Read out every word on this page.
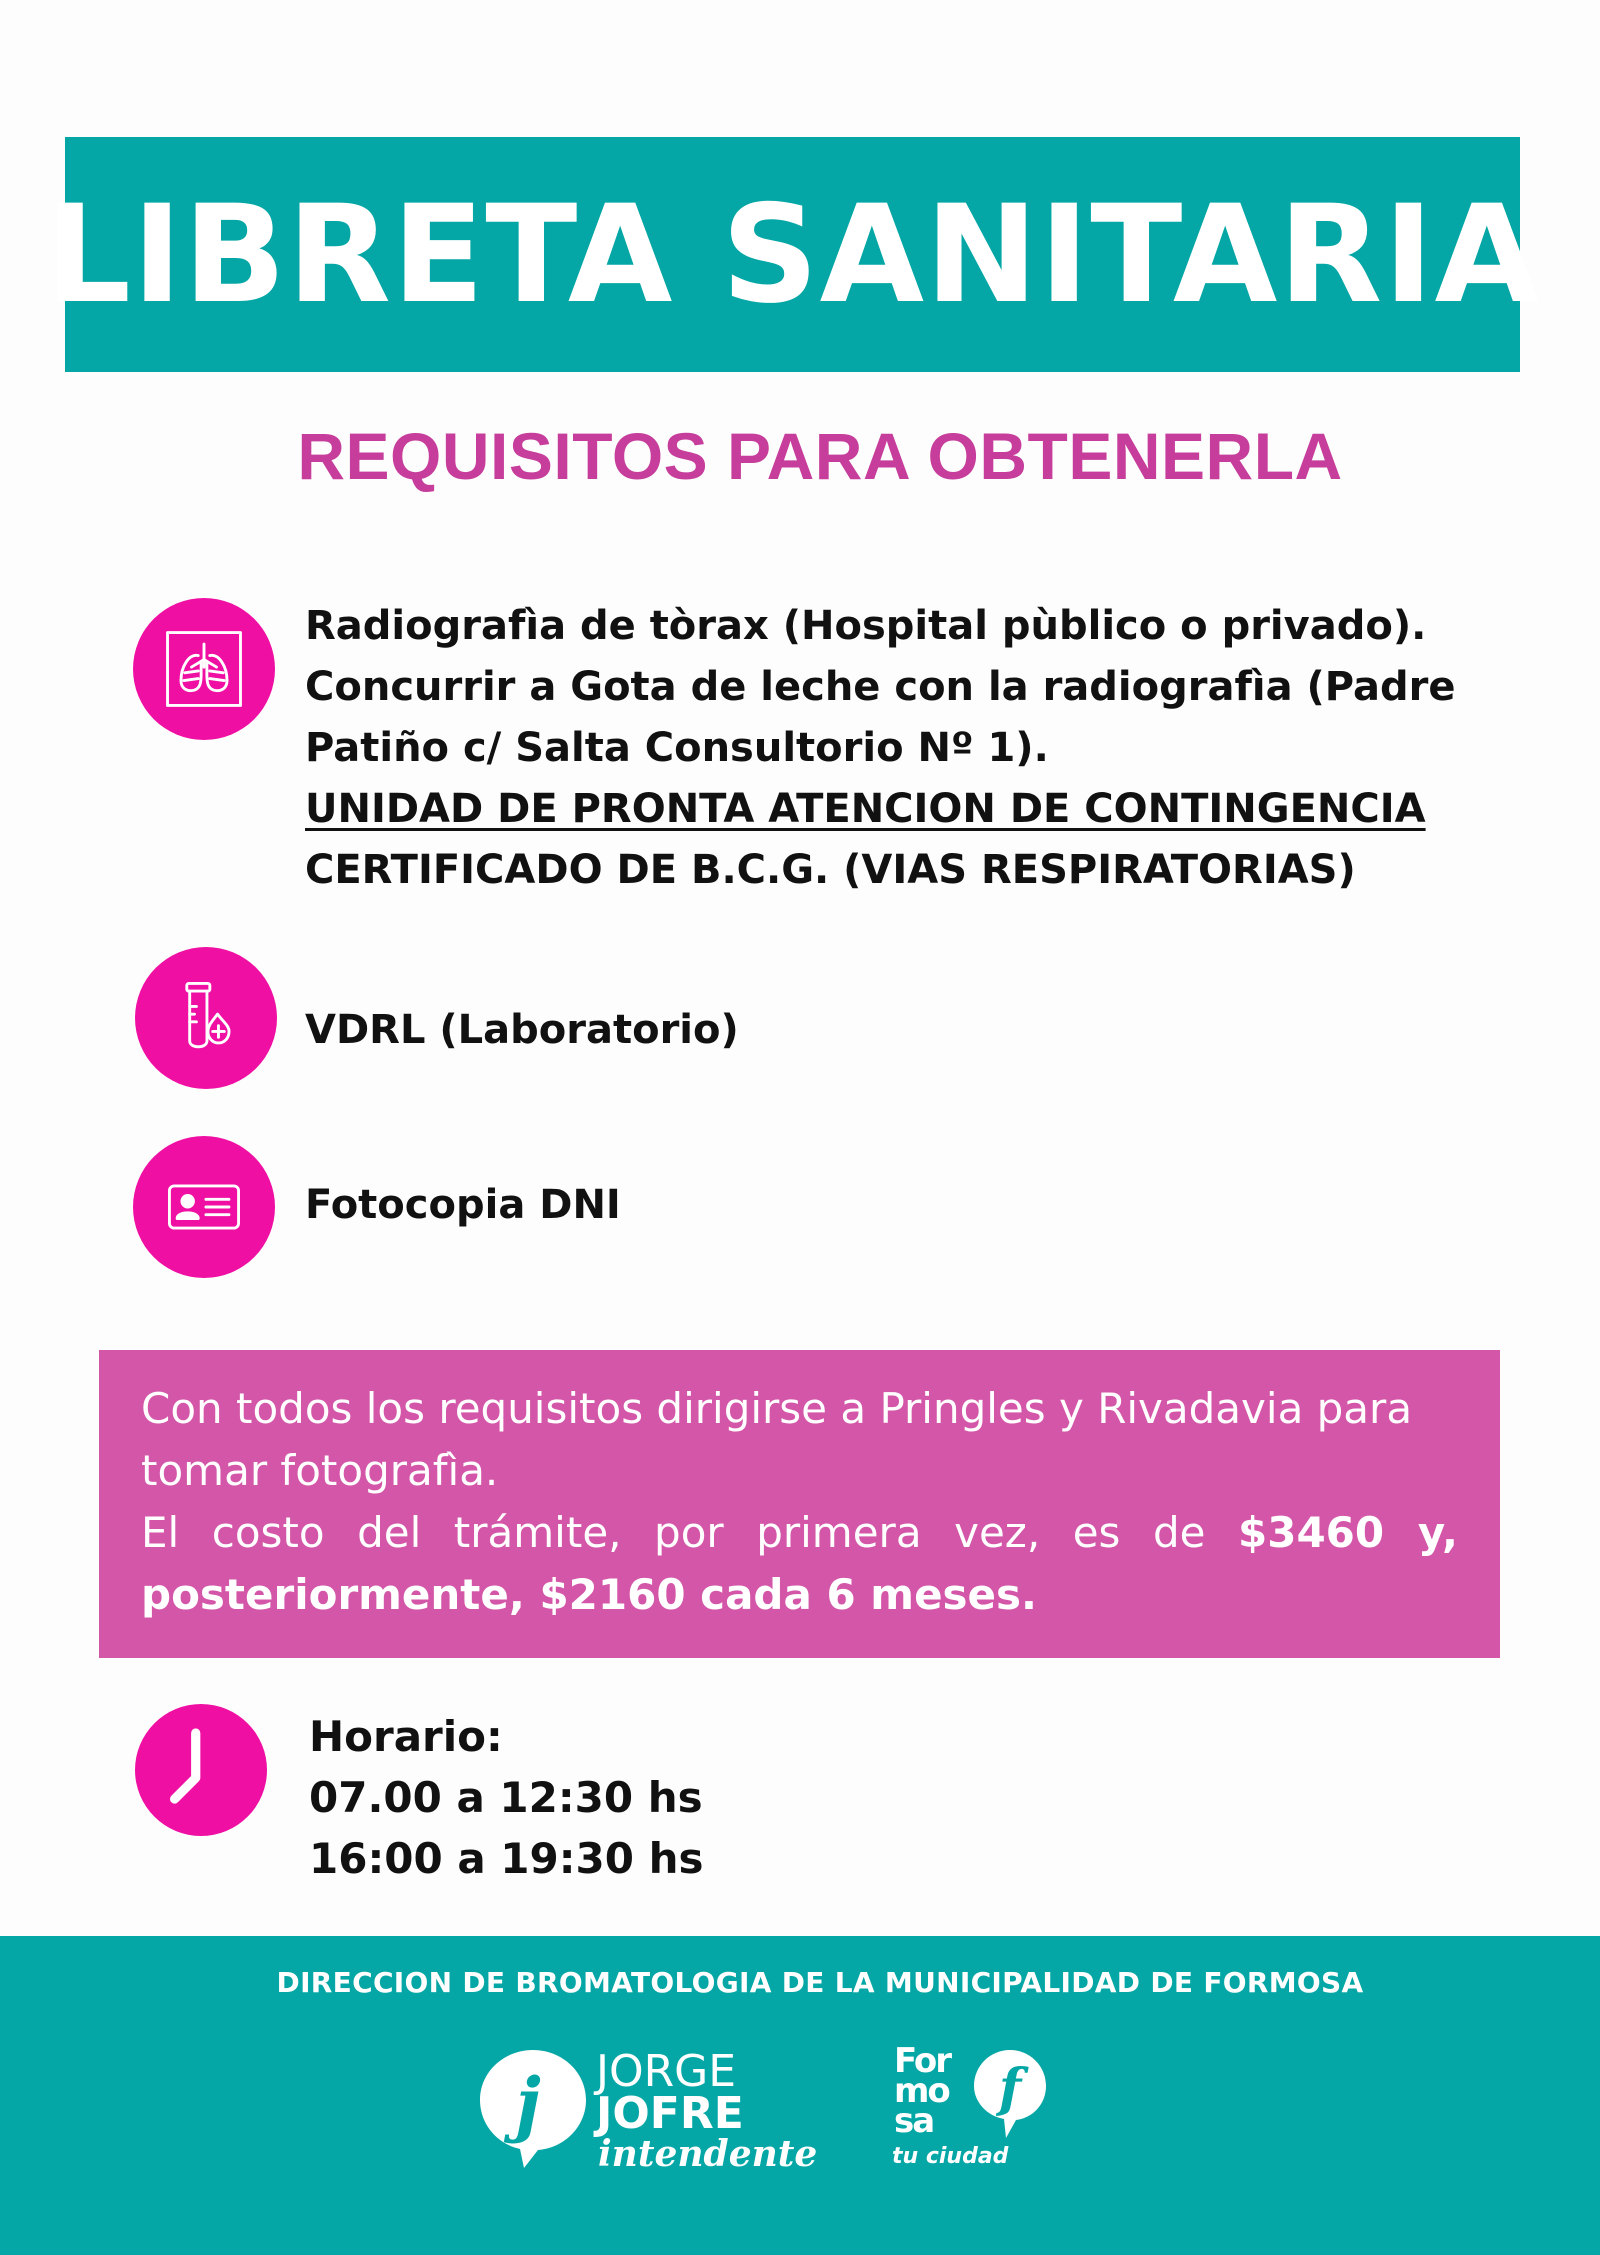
LIBRETA SANITARIA
REQUISITOS PARA OBTENERLA
Radiografìa de tòrax (Hospital pùblico o privado).
Concurrir a Gota de leche con la radiografìa (Padre
Patiño c/ Salta Consultorio Nº 1).
UNIDAD DE PRONTA ATENCION DE CONTINGENCIA
CERTIFICADO DE B.C.G. (VIAS RESPIRATORIAS)
VDRL (Laboratorio)
Fotocopia DNI

Con todos los requisitos dirigirse a Pringles y Rivadavia para

tomar fotografìa.

El costo del trámite, por primera vez, es de $3460 y,

posteriormente, $2160 cada 6 meses.

Horario:
07.00 a 12:30 hs
16:00 a 19:30 hs
DIRECCION DE BROMATOLOGIA DE LA MUNICIPALIDAD DE FORMOSA
j JORGE
JOFRE
intendente
For
mo
sa
tu ciudad
f
